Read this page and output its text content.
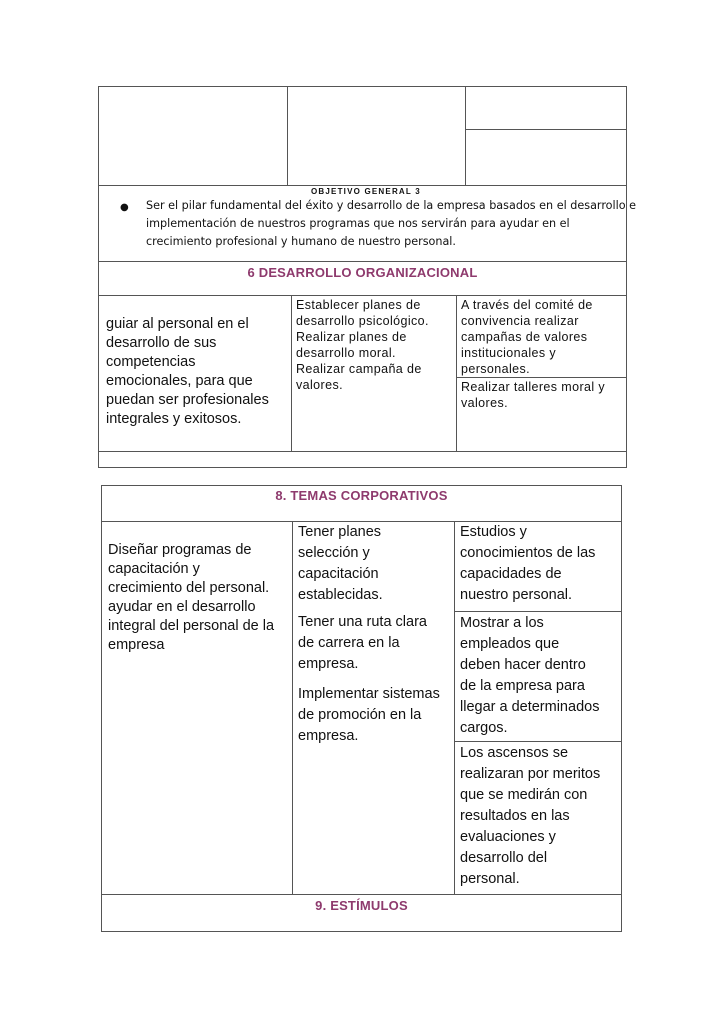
OBJETIVO GENERAL 3
● Ser el pilar fundamental del éxito y desarrollo de la empresa basados en el desarrollo e
implementación de nuestros programas que nos servirán para ayudar en el
crecimiento profesional y humano de nuestro personal.
6 DESARROLLO ORGANIZACIONAL
guiar al personal en el
desarrollo de sus
competencias
emocionales, para que
puedan ser profesionales
integrales y exitosos.
Establecer planes de
desarrollo psicológico.
Realizar planes de
desarrollo moral.
Realizar campaña de
valores.
A través del comité de
convivencia realizar
campañas de valores
institucionales y
personales.
Realizar talleres moral y
valores.
8. TEMAS CORPORATIVOS
Diseñar programas de
capacitación y
crecimiento del personal.
ayudar en el desarrollo
integral del personal de la
empresa
Tener planes
selección y
capacitación
establecidas.
Tener una ruta clara
de carrera en la
empresa.
Implementar sistemas
de promoción en la
empresa.
Estudios y
conocimientos de las
capacidades de
nuestro personal.
Mostrar a los
empleados que
deben hacer dentro
de la empresa para
llegar a determinados
cargos.
Los ascensos se
realizaran por meritos
que se medirán con
resultados en las
evaluaciones y
desarrollo del
personal.
9. ESTÍMULOS
